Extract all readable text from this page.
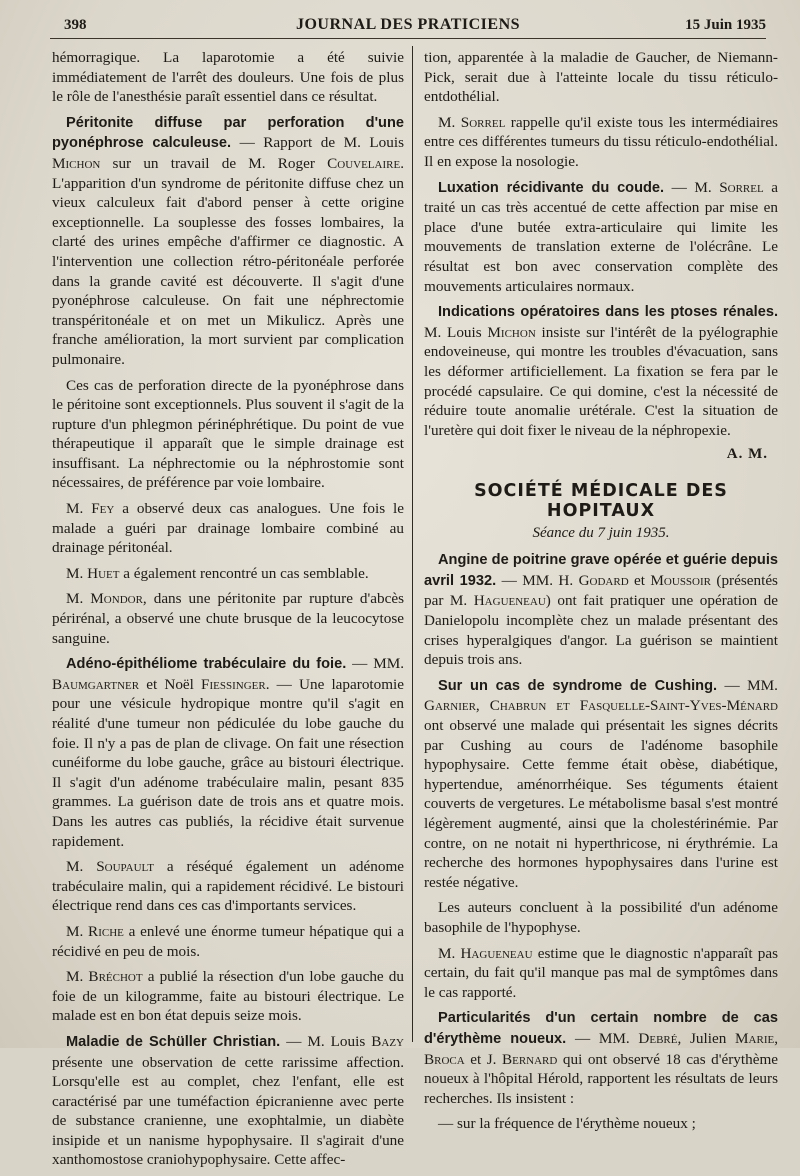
398	JOURNAL DES PRATICIENS	15 Juin 1935

hémorragique. La laparotomie a été suivie immédiatement de l'arrêt des douleurs. Une fois de plus le rôle de l'anesthésie paraît essentiel dans ce résultat.

Péritonite diffuse par perforation d'une pyonéphrose calculeuse. — Rapport de M. Louis Michon sur un travail de M. Roger Couvelaire. L'apparition d'un syndrome de péritonite diffuse chez un vieux calculeux fait d'abord penser à cette origine exceptionnelle. La souplesse des fosses lombaires, la clarté des urines empêche d'affirmer ce diagnostic. A l'intervention une collection rétro-péritonéale perforée dans la grande cavité est découverte. Il s'agit d'une pyonéphrose calculeuse. On fait une néphrectomie transpéritonéale et on met un Mikulicz. Après une franche amélioration, la mort survient par complication pulmonaire.

Ces cas de perforation directe de la pyonéphrose dans le péritoine sont exceptionnels. Plus souvent il s'agit de la rupture d'un phlegmon périnéphrétique. Du point de vue thérapeutique il apparaît que le simple drainage est insuffisant. La néphrectomie ou la néphrostomie sont nécessaires, de préférence par voie lombaire.

M. Fey a observé deux cas analogues. Une fois le malade a guéri par drainage lombaire combiné au drainage péritonéal.

M. Huet a également rencontré un cas semblable.

M. Mondor, dans une péritonite par rupture d'abcès périrénal, a observé une chute brusque de la leucocytose sanguine.

Adéno-épithéliome trabéculaire du foie. — MM. Baumgartner et Noël Fiessinger. — Une laparotomie pour une vésicule hydropique montre qu'il s'agit en réalité d'une tumeur non pédiculée du lobe gauche du foie. Il n'y a pas de plan de clivage. On fait une résection cunéiforme du lobe gauche, grâce au bistouri électrique. Il s'agit d'un adénome trabéculaire malin, pesant 835 grammes. La guérison date de trois ans et quatre mois. Dans les autres cas publiés, la récidive était survenue rapidement.

M. Soupault a réséqué également un adénome trabéculaire malin, qui a rapidement récidivé. Le bistouri électrique rend dans ces cas d'importants services.

M. Riche a enlevé une énorme tumeur hépatique qui a récidivé en peu de mois.

M. Bréchot a publié la résection d'un lobe gauche du foie de un kilogramme, faite au bistouri électrique. Le malade est en bon état depuis seize mois.

Maladie de Schüller Christian. — M. Louis Bazy présente une observation de cette rarissime affection. Lorsqu'elle est au complet, chez l'enfant, elle est caractérisé par une tuméfaction épicranienne avec perte de substance cranienne, une exophtalmie, un diabète insipide et un nanisme hypophysaire. Il s'agirait d'une xanthomostose craniohypophysaire. Cette affec-

tion, apparentée à la maladie de Gaucher, de Niemann-Pick, serait due à l'atteinte locale du tissu réticulo-entdothélial.

M. Sorrel rappelle qu'il existe tous les intermédiaires entre ces différentes tumeurs du tissu réticulo-endothélial. Il en expose la nosologie.

Luxation récidivante du coude. — M. Sorrel a traité un cas très accentué de cette affection par mise en place d'une butée extra-articulaire qui limite les mouvements de translation externe de l'olécrâne. Le résultat est bon avec conservation complète des mouvements articulaires normaux.

Indications opératoires dans les ptoses rénales. M. Louis Michon insiste sur l'intérêt de la pyélographie endoveineuse, qui montre les troubles d'évacuation, sans les déformer artificiellement. La fixation se fera par le procédé capsulaire. Ce qui domine, c'est la nécessité de réduire toute anomalie urétérale. C'est la situation de l'uretère qui doit fixer le niveau de la néphropexie.

A. M.
SOCIÉTÉ MÉDICALE DES HOPITAUX
Séance du 7 juin 1935.

Angine de poitrine grave opérée et guérie depuis avril 1932. — MM. H. Godard et Moussoir (présentés par M. Hagueneau) ont fait pratiquer une opération de Danielopolu incomplète chez un malade présentant des crises hyperalgiques d'angor. La guérison se maintient depuis trois ans.

Sur un cas de syndrome de Cushing. — MM. Garnier, Chabrun et Fasquelle-Saint-Yves-Ménard ont observé une malade qui présentait les signes décrits par Cushing au cours de l'adénome basophile hypophysaire. Cette femme était obèse, diabétique, hypertendue, aménorrhéique. Ses téguments étaient couverts de vergetures. Le métabolisme basal s'est montré légèrement augmenté, ainsi que la cholestérinémie. Par contre, on ne notait ni hyperthricose, ni érythrémie. La recherche des hormones hypophysaires dans l'urine est restée négative.

Les auteurs concluent à la possibilité d'un adénome basophile de l'hypophyse.

M. Hagueneau estime que le diagnostic n'apparaît pas certain, du fait qu'il manque pas mal de symptômes dans le cas rapporté.

Particularités d'un certain nombre de cas d'érythème noueux. — MM. Debré, Julien Marie, Broca et J. Bernard qui ont observé 18 cas d'érythème noueux à l'hôpital Hérold, rapportent les résultats de leurs recherches. Ils insistent :

— sur la fréquence de l'érythème noueux ;
